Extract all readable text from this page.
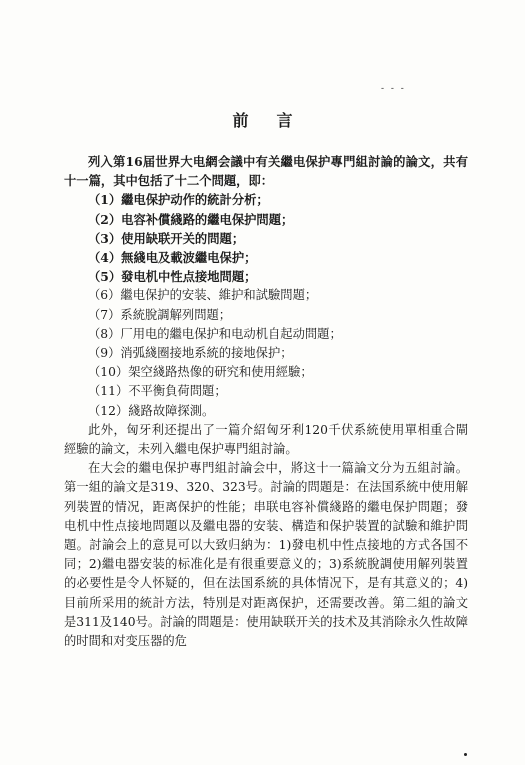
- - -
前言

列入第16届世界大电網会議中有关繼电保护專門組討論的論文，共有十一篇，其中包括了十二个問題，即：

（1）繼电保护动作的統計分析；

（2）电容补償綫路的繼电保护問題；

（3）使用缺联开关的問題；

（4）無綫电及載波繼电保护；

（5）發电机中性点接地問題；

（6）繼电保护的安装、維护和試驗問題；

（7）系統脫調解列問題；

（8）厂用电的繼电保护和电动机自起动問題；

（9）消弧綫圈接地系統的接地保护；

（10）架空綫路热像的研究和使用經驗；

（11）不平衡負荷問題；

（12）綫路故障探測。

此外，匈牙利还提出了一篇介紹匈牙利120千伏系統使用單相重合閘經驗的論文，未列入繼电保护專門組討論。

在大会的繼电保护專門組討論会中，將这十一篇論文分为五組討論。第一組的論文是319、320、323号。討論的問題是：在法国系統中使用解列裝置的情况，距离保护的性能；串联电容补償綫路的繼电保护問題；發电机中性点接地問題以及繼电器的安装、構造和保护裝置的試驗和維护問題。討論会上的意見可以大致归納为：1)發电机中性点接地的方式各国不同；2)繼电器安装的标准化是有很重要意义的；3)系統脫調使用解列裝置的必要性是令人怀疑的，但在法国系統的具体情况下，是有其意义的；4)目前所采用的統計方法，特別是对距离保护，还需要改善。第二組的論文是311及140号。討論的問題是：使用缺联开关的技术及其消除永久性故障的时間和对变压器的危
